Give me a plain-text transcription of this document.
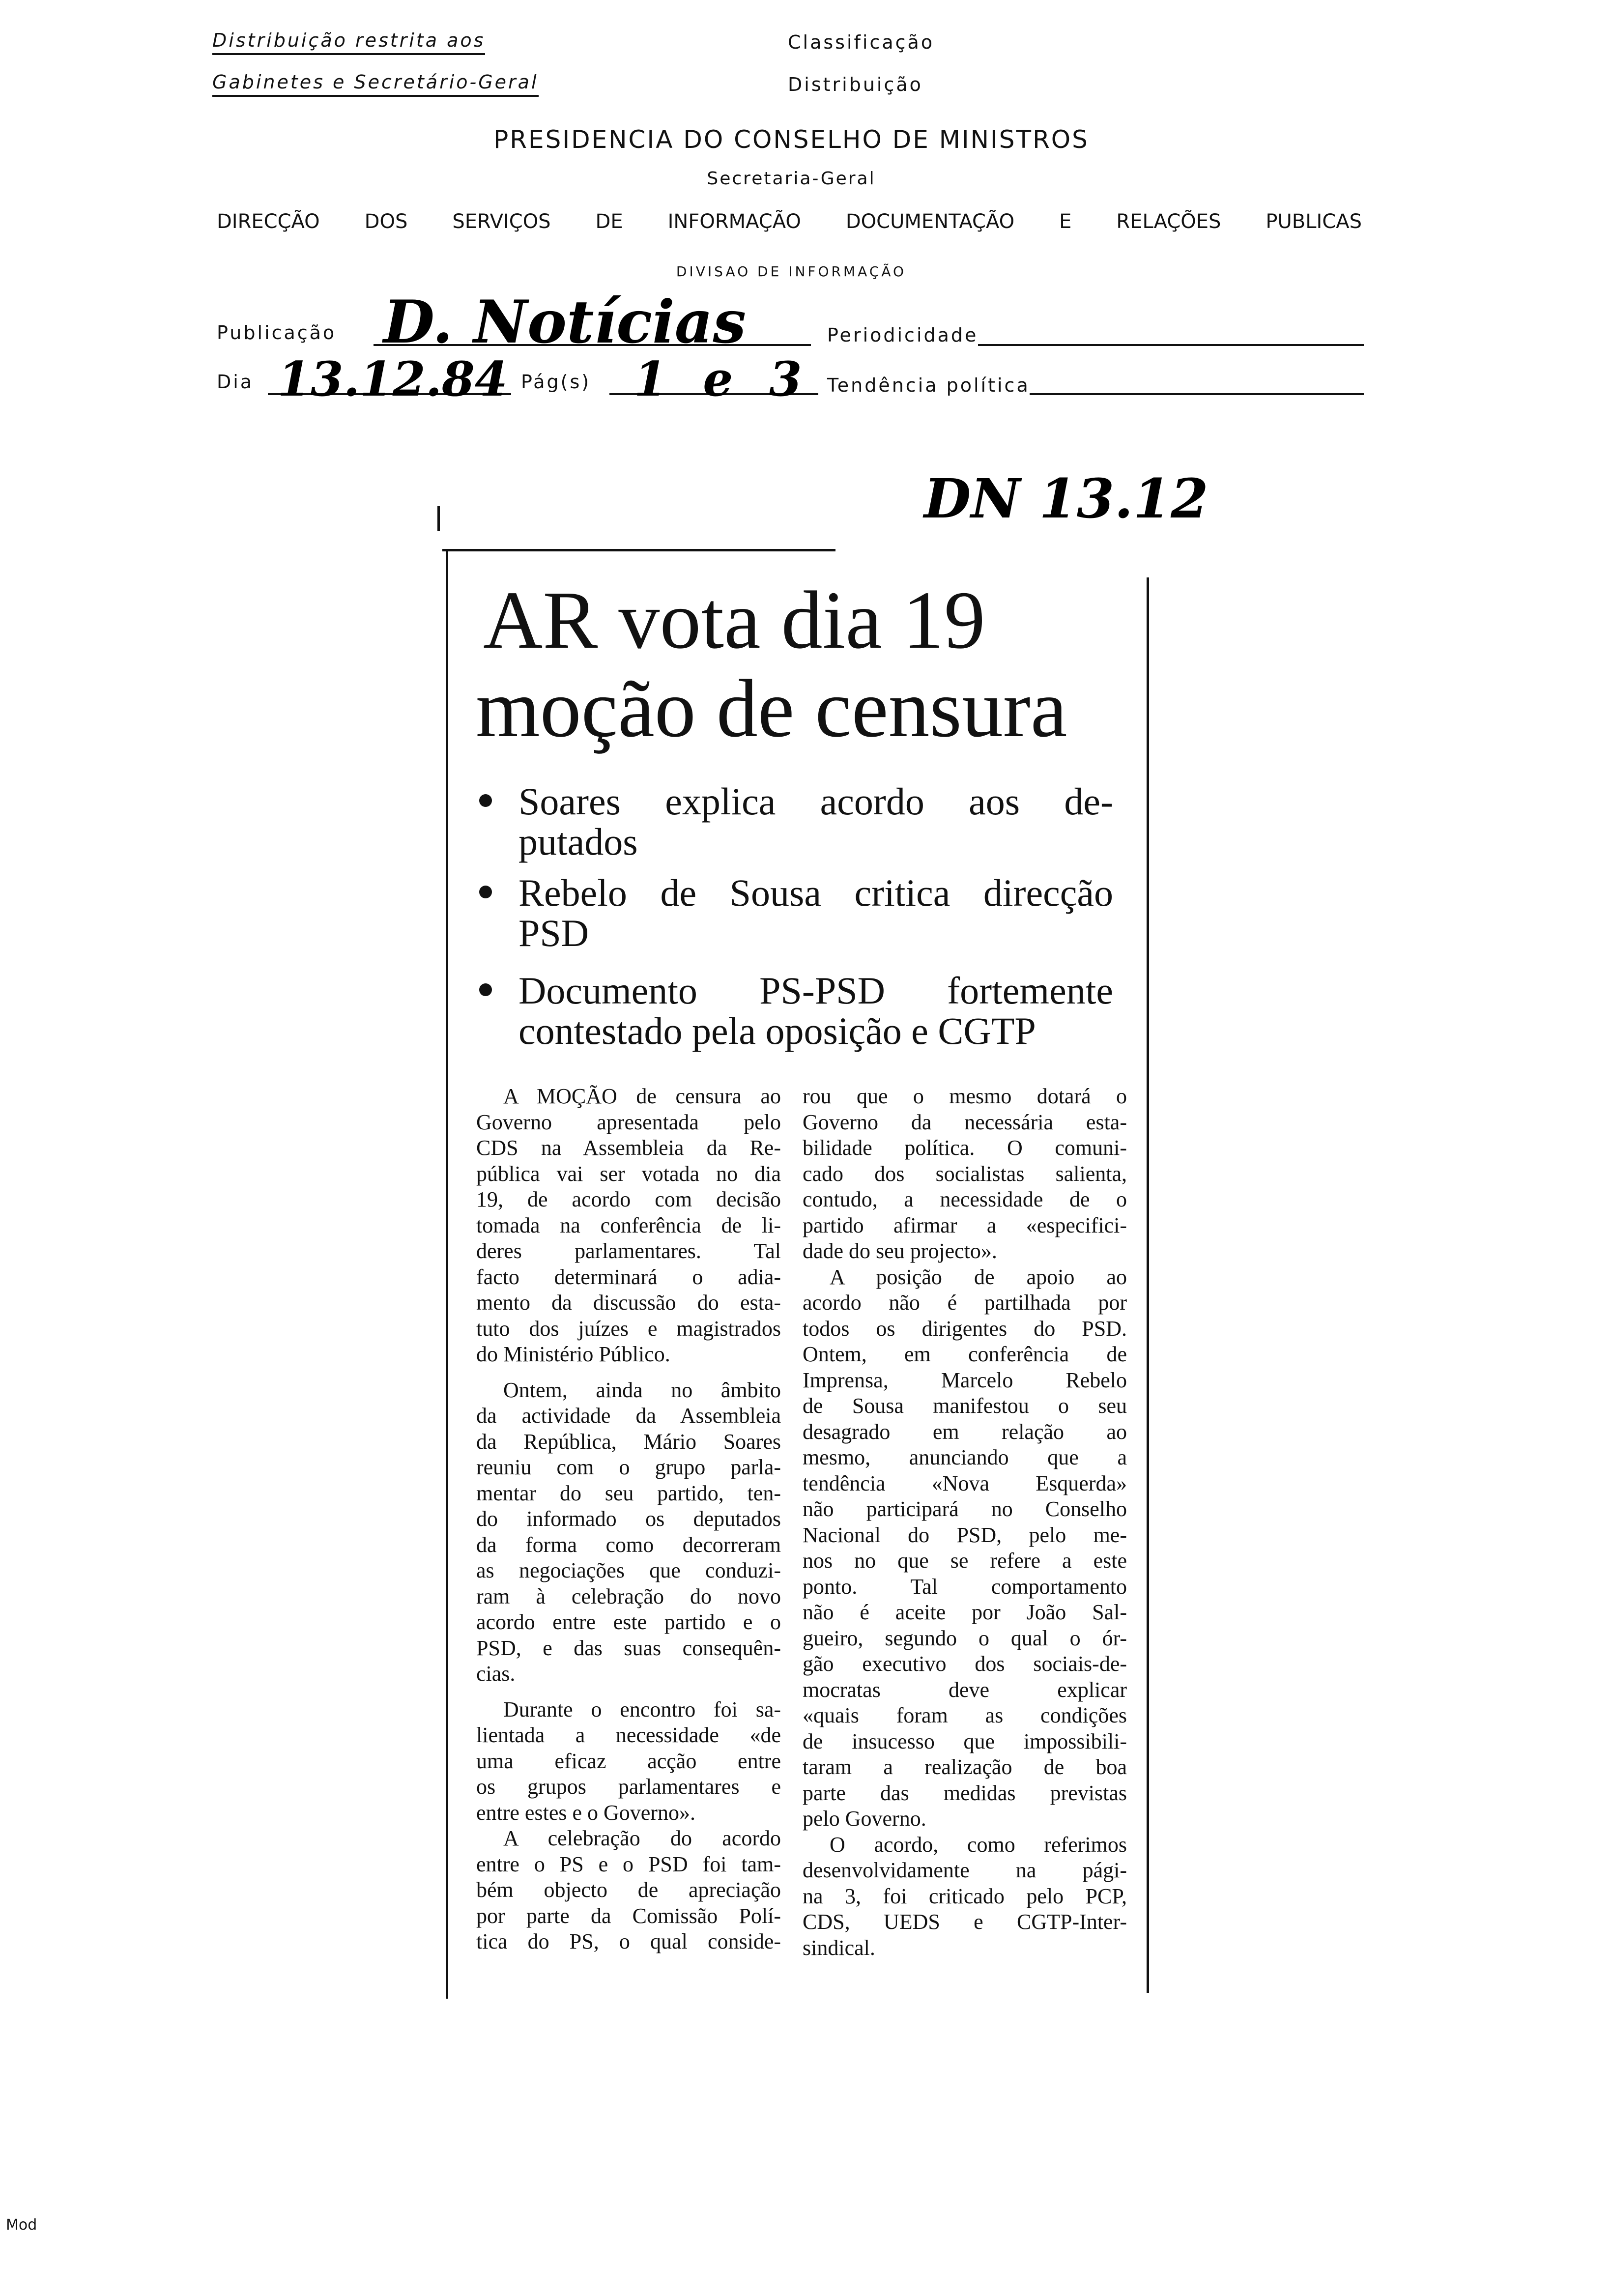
Distribuição restrita aos
Gabinetes e Secretário-Geral
Classificação
Distribuição
PRESIDENCIA DO CONSELHO DE MINISTROS
Secretaria-Geral
DIRECÇÃO DOS SERVIÇOS DE INFORMAÇÃO DOCUMENTAÇÃO E RELAÇÕES PUBLICAS
DIVISAO DE INFORMAÇÃO
Publicação D. Notícias	Periodicidade
Dia 13.12.84 Pág(s) 1 e 3 Tendência política
DN 13.12
AR vota dia 19
moção de censura
Soares explica acordo aos de-
putados
Rebelo de Sousa critica direcção
PSD
Documento PS-PSD fortemente
contestado pela oposição e CGTP
A MOÇÃO de censura ao
Governo apresentada pelo
CDS na Assembleia da Re-
pública vai ser votada no dia
19, de acordo com decisão
tomada na conferência de li-
deres parlamentares. Tal
facto determinará o adia-
mento da discussão do esta-
tuto dos juízes e magistrados
do Ministério Público.
Ontem, ainda no âmbito
da actividade da Assembleia
da República, Mário Soares
reuniu com o grupo parla-
mentar do seu partido, ten-
do informado os deputados
da forma como decorreram
as negociações que conduzi-
ram à celebração do novo
acordo entre este partido e o
PSD, e das suas consequên-
cias.
Durante o encontro foi sa-
lientada a necessidade «de
uma eficaz acção entre
os grupos parlamentares e
entre estes e o Governo».
A celebração do acordo
entre o PS e o PSD foi tam-
bém objecto de apreciação
por parte da Comissão Polí-
tica do PS, o qual conside-
rou que o mesmo dotará o
Governo da necessária esta-
bilidade política. O comuni-
cado dos socialistas salienta,
contudo, a necessidade de o
partido afirmar a «especifici-
dade do seu projecto».
A posição de apoio ao
acordo não é partilhada por
todos os dirigentes do PSD.
Ontem, em conferência de
Imprensa, Marcelo Rebelo
de Sousa manifestou o seu
desagrado em relação ao
mesmo, anunciando que a
tendência «Nova Esquerda»
não participará no Conselho
Nacional do PSD, pelo me-
nos no que se refere a este
ponto. Tal comportamento
não é aceite por João Sal-
gueiro, segundo o qual o ór-
gão executivo dos sociais-de-
mocratas deve explicar
«quais foram as condições
de insucesso que impossibili-
taram a realização de boa
parte das medidas previstas
pelo Governo.
O acordo, como referimos
desenvolvidamente na pági-
na 3, foi criticado pelo PCP,
CDS, UEDS e CGTP-Inter-
sindical.
Mod
